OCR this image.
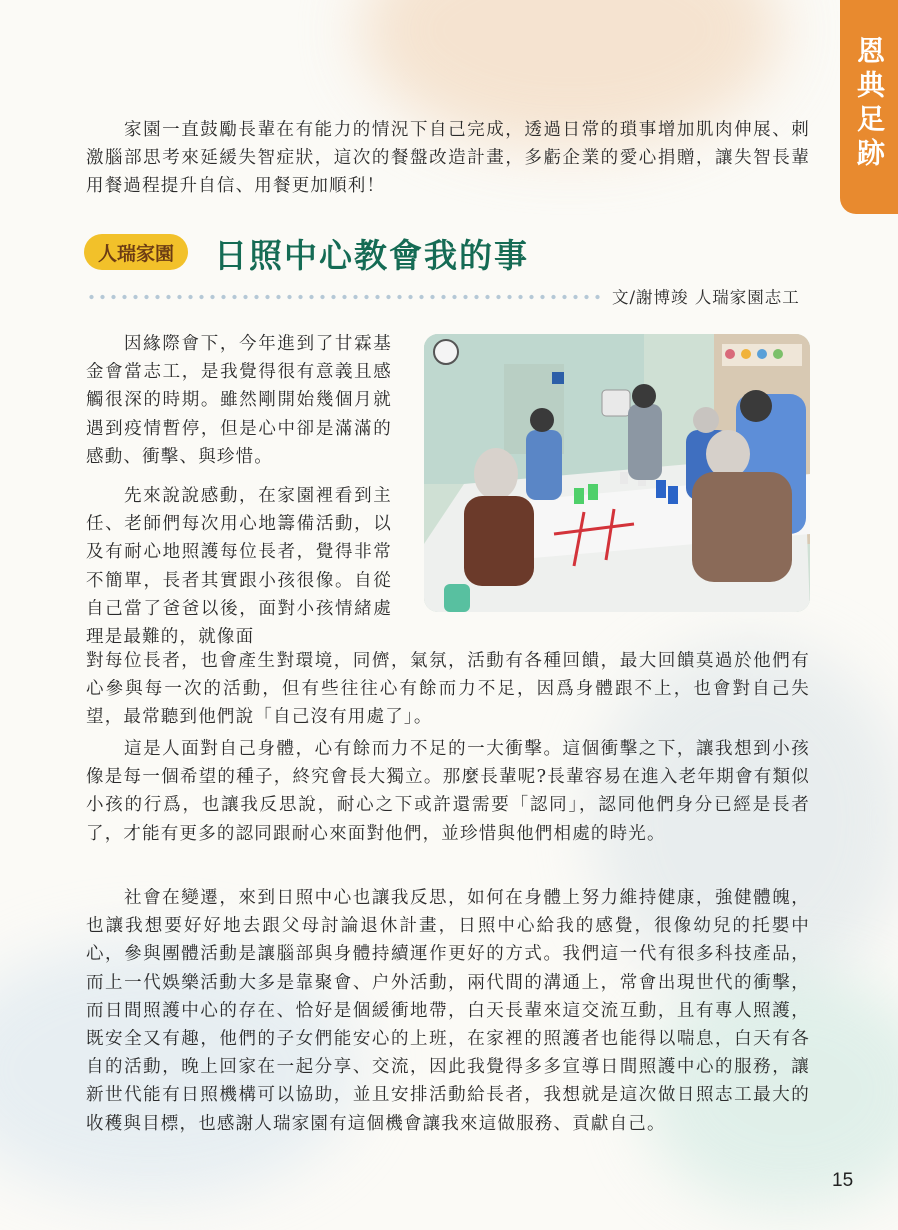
恩典足跡

家園一直鼓勵長輩在有能力的情況下自己完成，透過日常的瑣事增加肌肉伸展、刺激腦部思考來延緩失智症狀，這次的餐盤改造計畫，多虧企業的愛心捐贈，讓失智長輩用餐過程提升自信、用餐更加順利！

人瑞家園	日照中心教會我的事
文/謝博竣 人瑞家園志工

因緣際會下，今年進到了甘霖基金會當志工，是我覺得很有意義且感觸很深的時期。雖然剛開始幾個月就遇到疫情暫停，但是心中卻是滿滿的感動、衝擊、與珍惜。

先來說說感動，在家園裡看到主任、老師們每次用心地籌備活動，以及有耐心地照護每位長者，覺得非常不簡單，長者其實跟小孩很像。自從自己當了爸爸以後，面對小孩情緒處理是最難的，就像面

對每位長者，也會產生對環境，同儕，氣氛，活動有各種回饋，最大回饋莫過於他們有心參與每一次的活動，但有些往往心有餘而力不足，因爲身體跟不上，也會對自己失望，最常聽到他們說「自己沒有用處了」。

這是人面對自己身體，心有餘而力不足的一大衝擊。這個衝擊之下，讓我想到小孩像是每一個希望的種子，終究會長大獨立。那麼長輩呢?長輩容易在進入老年期會有類似小孩的行爲，也讓我反思說，耐心之下或許還需要「認同」，認同他們身分已經是長者了，才能有更多的認同跟耐心來面對他們，並珍惜與他們相處的時光。

社會在變遷，來到日照中心也讓我反思，如何在身體上努力維持健康，強健體魄，也讓我想要好好地去跟父母討論退休計畫，日照中心給我的感覺，很像幼兒的托嬰中心，參與團體活動是讓腦部與身體持續運作更好的方式。我們這一代有很多科技產品，而上一代娛樂活動大多是靠聚會、户外活動，兩代間的溝通上，常會出現世代的衝擊，而日間照護中心的存在、恰好是個緩衝地帶，白天長輩來這交流互動，且有專人照護，既安全又有趣，他們的子女們能安心的上班，在家裡的照護者也能得以喘息，白天有各自的活動，晚上回家在一起分享、交流，因此我覺得多多宣導日間照護中心的服務，讓新世代能有日照機構可以協助，並且安排活動給長者，我想就是這次做日照志工最大的收穫與目標，也感謝人瑞家園有這個機會讓我來這做服務、貢獻自己。

15
